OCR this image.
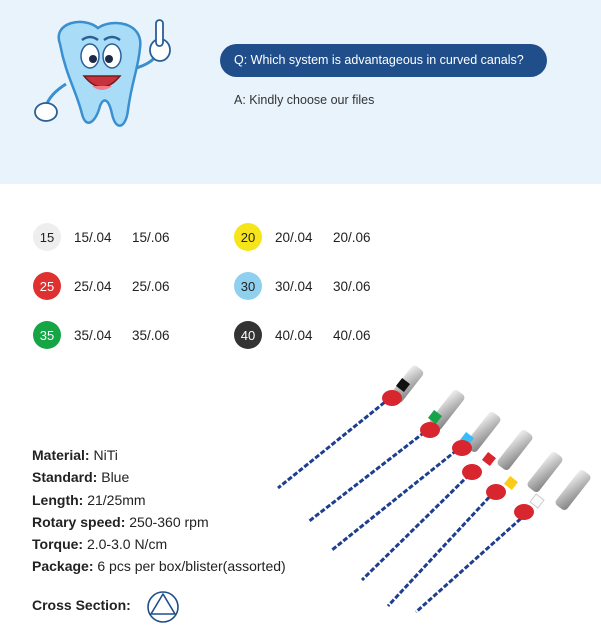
Q: Which system is advantageous in curved canals?
A: Kindly choose our files
15	15/.04	15/.06	20	20/.04	20/.06
25	25/.04	25/.06	30	30/.04	30/.06
35	35/.04	35/.06	40	40/.04	40/.06
Material: NiTi
Standard: Blue
Length: 21/25mm
Rotary speed: 250-360 rpm
Torque: 2.0-3.0 N/cm
Package: 6 pcs per box/blister(assorted)
Cross Section:
